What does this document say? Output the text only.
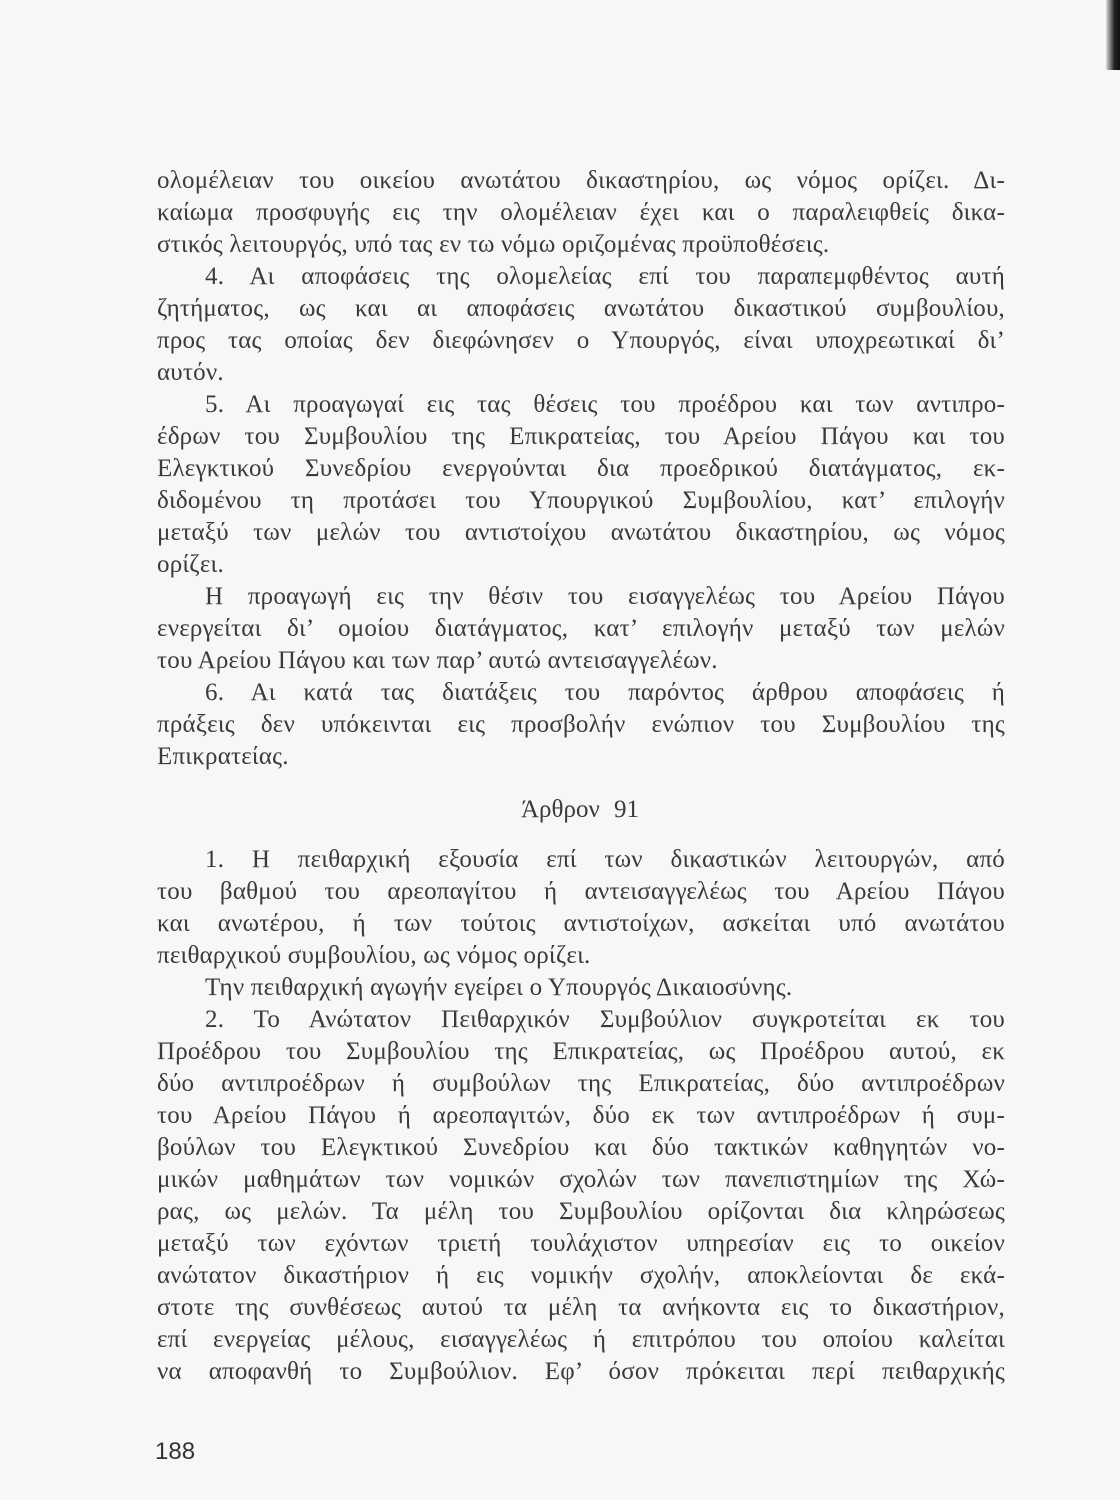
ολομέλειαν του οικείου ανωτάτου δικαστηρίου, ως νόμος ορίζει. Δι-
καίωμα προσφυγής εις την ολομέλειαν έχει και ο παραλειφθείς δικα-
στικός λειτουργός, υπό τας εν τω νόμω οριζομένας προϋποθέσεις.
4. Αι αποφάσεις της ολομελείας επί του παραπεμφθέντος αυτή
ζητήματος, ως και αι αποφάσεις ανωτάτου δικαστικού συμβουλίου,
προς τας οποίας δεν διεφώνησεν ο Υπουργός, είναι υποχρεωτικαί δι’
αυτόν.
5. Αι προαγωγαί εις τας θέσεις του προέδρου και των αντιπρο-
έδρων του Συμβουλίου της Επικρατείας, του Αρείου Πάγου και του
Ελεγκτικού Συνεδρίου ενεργούνται δια προεδρικού διατάγματος, εκ-
διδομένου τη προτάσει του Υπουργικού Συμβουλίου, κατ’ επιλογήν
μεταξύ των μελών του αντιστοίχου ανωτάτου δικαστηρίου, ως νόμος
ορίζει.
Η προαγωγή εις την θέσιν του εισαγγελέως του Αρείου Πάγου
ενεργείται δι’ ομοίου διατάγματος, κατ’ επιλογήν μεταξύ των μελών
του Αρείου Πάγου και των παρ’ αυτώ αντεισαγγελέων.
6. Αι κατά τας διατάξεις του παρόντος άρθρου αποφάσεις ή
πράξεις δεν υπόκεινται εις προσβολήν ενώπιον του Συμβουλίου της
Επικρατείας.
Άρθρον 91
1. Η πειθαρχική εξουσία επί των δικαστικών λειτουργών, από
του βαθμού του αρεοπαγίτου ή αντεισαγγελέως του Αρείου Πάγου
και ανωτέρου, ή των τούτοις αντιστοίχων, ασκείται υπό ανωτάτου
πειθαρχικού συμβουλίου, ως νόμος ορίζει.
Την πειθαρχική αγωγήν εγείρει ο Υπουργός Δικαιοσύνης.
2. Το Ανώτατον Πειθαρχικόν Συμβούλιον συγκροτείται εκ του
Προέδρου του Συμβουλίου της Επικρατείας, ως Προέδρου αυτού, εκ
δύο αντιπροέδρων ή συμβούλων της Επικρατείας, δύο αντιπροέδρων
του Αρείου Πάγου ή αρεοπαγιτών, δύο εκ των αντιπροέδρων ή συμ-
βούλων του Ελεγκτικού Συνεδρίου και δύο τακτικών καθηγητών νο-
μικών μαθημάτων των νομικών σχολών των πανεπιστημίων της Χώ-
ρας, ως μελών. Τα μέλη του Συμβουλίου ορίζονται δια κληρώσεως
μεταξύ των εχόντων τριετή τουλάχιστον υπηρεσίαν εις το οικείον
ανώτατον δικαστήριον ή εις νομικήν σχολήν, αποκλείονται δε εκά-
στοτε της συνθέσεως αυτού τα μέλη τα ανήκοντα εις το δικαστήριον,
επί ενεργείας μέλους, εισαγγελέως ή επιτρόπου του οποίου καλείται
να αποφανθή το Συμβούλιον. Εφ’ όσον πρόκειται περί πειθαρχικής
188
